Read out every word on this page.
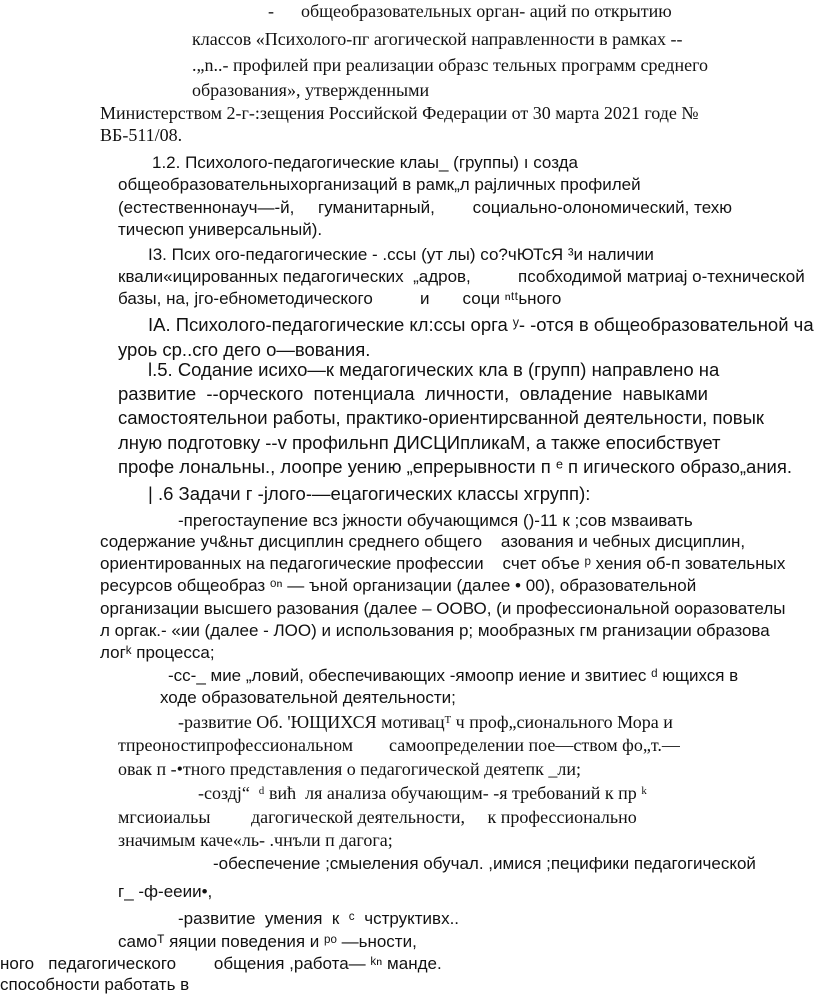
-      общеобразовательных орган- аций по открытию
классов «Психолого-пг агогической направленности в рамках --
.„n..- профилей при реализации образс тельных программ среднего
образования», утвержденными
Министерством 2-г-:зещения Российской Федерации от 30 марта 2021 годе №
ВБ-511/08.
1.2. Психолого-педагогические клаы_ (группы) ı созда
общеобразовательныхорганизаций в рамк„л рајличных профилей
(естественнонауч—-й,     гуманитарный,        социально-олономический, техю
тичесюп универсальный).
Ι3. Псих ого-педагогические - .ссы (ут лы) со?чЮТсЯ ³и наличии
квали«ицированных педагогических  „адров,          псобходимой матриај о-технической
базы, на, јго-ебнометодического          и       соци ⁿᵗᵗьного
ΙA. Психолого-педагогические кл:ссы орга ʸ- -отся в общеобразовательной ча
уроь ср..сго дего о—вования.
l.5. Содание исихо—к медагогических кла в (групп) направлено на
развитие  --орческого  потенциала  личности,  овладение  навыками
самостоятельнои работы, практико-ориентирсванной деятельности, повык
лную подготовку --v профильнп ДИСЦИпликаМ, а также епосибствует
профе лональны., лоопре уению „епрерывности п ᵉ п игического образо„ания.
| .6 Задачи г -јлого-—ецагогических классы хгрупп):
-прегостаупение всз јжности обучающимся ()-11 к ;сов мзваивать
содержание уч&ньт дисциплин среднего общего    азования и чебных дисциплин,
ориентированных на педагогические профессии    счет объе ᵖ хения об-п зовательных
ресурсов общеобраз ᵒⁿ — ъной организации (далее • 00), образовательной
организации высшего разования (далее – ООВО, (и профессиональной ооразователы
л оргак.- «ии (далее - ЛОО) и использования р; мообразных гм рганизации образова
логᵏ процесса;
-сс-_ мие „ловий, обеспечивающих -ямоопр иение и звитиес ᵈ ющихся в
ходе образовательной деятельности;
-развитие Об. 'ЮЩИХСЯ мотивацᵀ ч проф„сионального Мора и
тпреоностипрофессиональном        самоопределении пое—ством фо„т.—
овак п -•тного представления о педагогической деятепк _ли;
-создј“  ᵈ вић  ля анализа обучающим- -я требований к пр ᵏ
мгсиоиальы         дагогической деятельности,     к профессионально
значимым каче«ль- .чнъли п дагога;
-обеспечение ;смыеления обучал. ,имися ;пецифики педагогической
г_ -ф-ееии•,
-развитие  умения  к  ᶜ  чструктивх..
самоᵀ яяции поведения и ᵖᵒ —ьности,
ного   педагогического        общения ,работа— ᵏⁿ манде.
способности работать в
